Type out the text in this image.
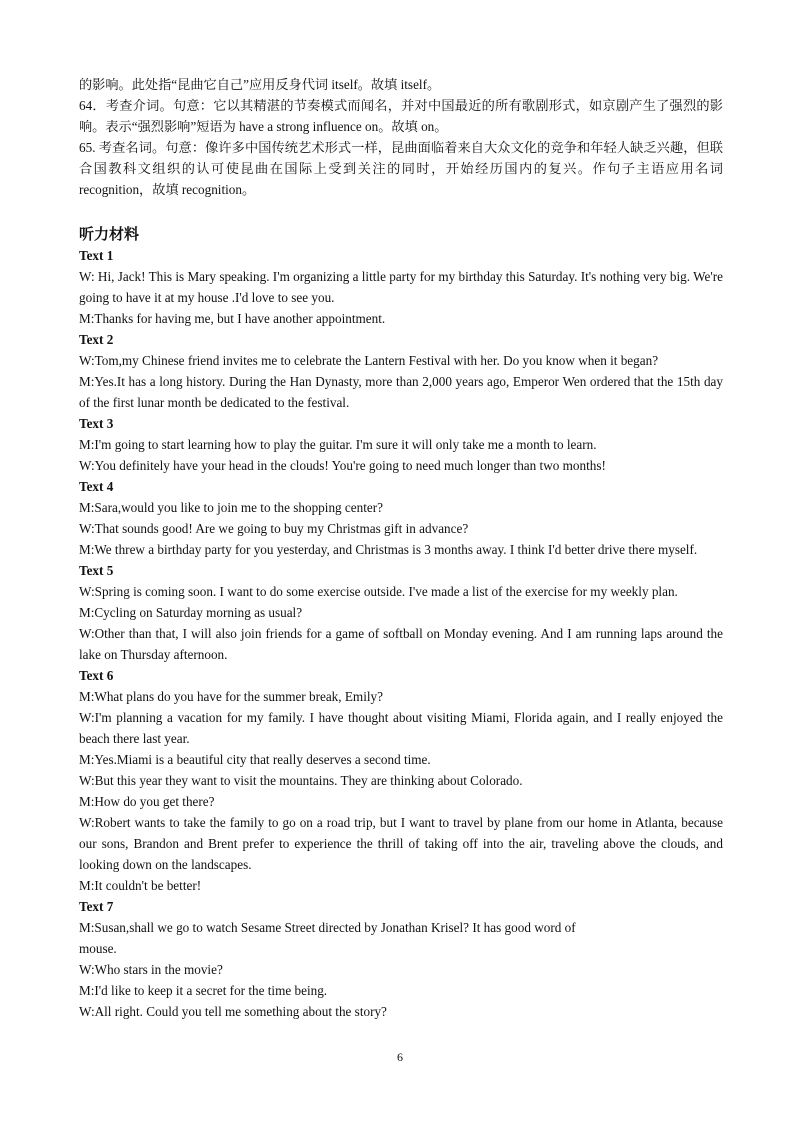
的影响。此处指“昆曲它自己”应用反身代词 itself。故填 itself。

64．考查介词。句意：它以其精湛的节奏模式而闻名，并对中国最近的所有歌剧形式，如京剧产生了强烈的影响。表示“强烈影响”短语为 have a strong influence on。故填 on。

65. 考查名词。句意：像许多中国传统艺术形式一样，昆曲面临着来自大众文化的竞争和年轻人缺乏兴趣，但联合国教科文组织的认可使昆曲在国际上受到关注的同时，开始经历国内的复兴。作句子主语应用名词 recognition，故填 recognition。

听力材料

Text 1

W: Hi, Jack! This is Mary speaking. I'm organizing a little party for my birthday this Saturday. It's nothing very big. We're going to have it at my house .I'd love to see you.

M:Thanks for having me, but I have another appointment.

Text 2

W:Tom,my Chinese friend invites me to celebrate the Lantern Festival with her. Do you know when it began?

M:Yes.It has a long history. During the Han Dynasty, more than 2,000 years ago, Emperor Wen ordered that the 15th day of the first lunar month be dedicated to the festival.

Text 3

M:I'm going to start learning how to play the guitar. I'm sure it will only take me a month to learn.

W:You definitely have your head in the clouds! You're going to need much longer than two months!

Text 4

M:Sara,would you like to join me to the shopping center?

W:That sounds good! Are we going to buy my Christmas gift in advance?

M:We threw a birthday party for you yesterday, and Christmas is 3 months away. I think I'd better drive there myself.

Text 5

W:Spring is coming soon. I want to do some exercise outside. I've made a list of the exercise for my weekly plan.

M:Cycling on Saturday morning as usual?

W:Other than that, I will also join friends for a game of softball on Monday evening. And I am running laps around the lake on Thursday afternoon.

Text 6

M:What plans do you have for the summer break, Emily?

W:I'm planning a vacation for my family. I have thought about visiting Miami, Florida again, and I really enjoyed the beach there last year.

M:Yes.Miami is a beautiful city that really deserves a second time.

W:But this year they want to visit the mountains. They are thinking about Colorado.

M:How do you get there?

W:Robert wants to take the family to go on a road trip, but I want to travel by plane from our home in Atlanta, because our sons, Brandon and Brent prefer to experience the thrill of taking off into the air, traveling above the clouds, and looking down on the landscapes.

M:It couldn't be better!

Text 7

M:Susan,shall we go to watch Sesame Street directed by Jonathan Krisel? It has good word of

mouse.

W:Who stars in the movie?

M:I'd like to keep it a secret for the time being.

W:All right. Could you tell me something about the story?

6
